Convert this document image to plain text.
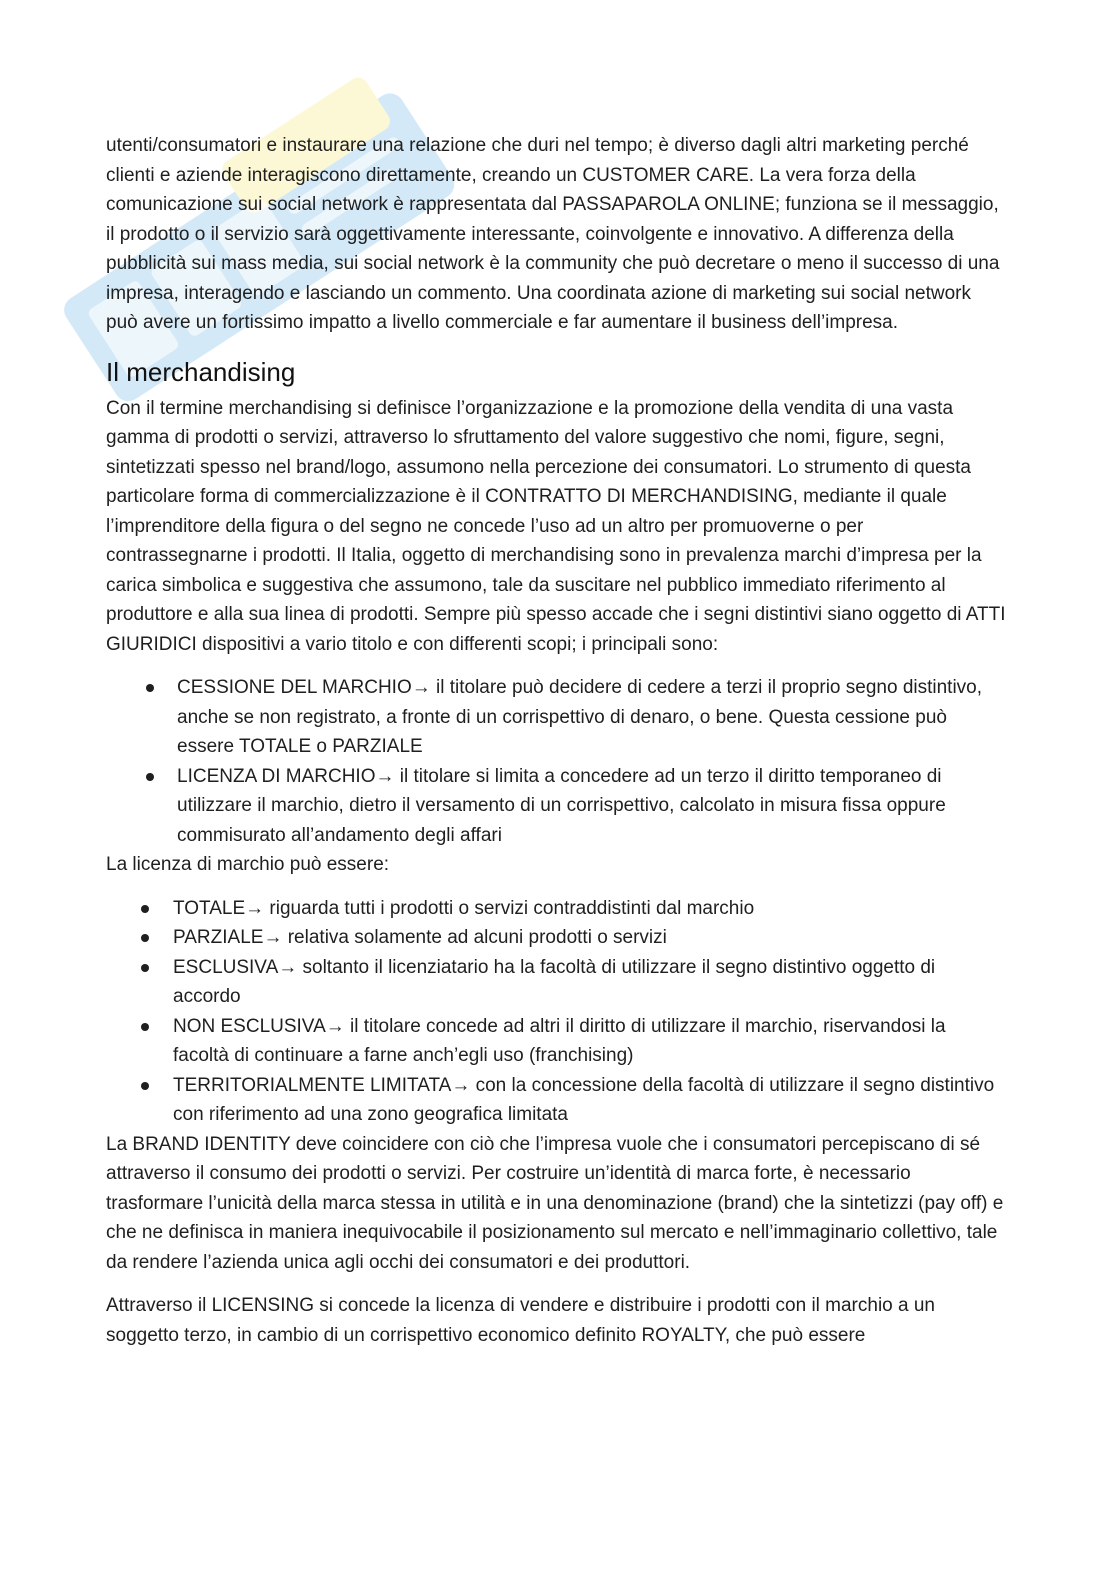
utenti/consumatori e instaurare una relazione che duri nel tempo; è diverso dagli altri marketing perché clienti e aziende interagiscono direttamente, creando un CUSTOMER CARE. La vera forza della comunicazione sui social network è rappresentata dal PASSAPAROLA ONLINE; funziona se il messaggio, il prodotto o il servizio sarà oggettivamente interessante, coinvolgente e innovativo. A differenza della pubblicità sui mass media, sui social network è la community che può decretare o meno il successo di una impresa, interagendo e lasciando un commento. Una coordinata azione di marketing sui social network può avere un fortissimo impatto a livello commerciale e far aumentare il business dell’impresa.

Il merchandising

Con il termine merchandising si definisce l’organizzazione e la promozione della vendita di una vasta gamma di prodotti o servizi, attraverso lo sfruttamento del valore suggestivo che nomi, figure, segni, sintetizzati spesso nel brand/logo, assumono nella percezione dei consumatori. Lo strumento di questa particolare forma di commercializzazione è il CONTRATTO DI MERCHANDISING, mediante il quale l’imprenditore della figura o del segno ne concede l’uso ad un altro per promuoverne o per contrassegnarne i prodotti. Il Italia, oggetto di merchandising sono in prevalenza marchi d’impresa per la carica simbolica e suggestiva che assumono, tale da suscitare nel pubblico immediato riferimento al produttore e alla sua linea di prodotti. Sempre più spesso accade che i segni distintivi siano oggetto di ATTI GIURIDICI dispositivi a vario titolo e con differenti scopi; i principali sono:

CESSIONE DEL MARCHIO→ il titolare può decidere di cedere a terzi il proprio segno distintivo, anche se non registrato, a fronte di un corrispettivo di denaro, o bene. Questa cessione può essere TOTALE o PARZIALE
LICENZA DI MARCHIO→ il titolare si limita a concedere ad un terzo il diritto temporaneo di utilizzare il marchio, dietro il versamento di un corrispettivo, calcolato in misura fissa oppure commisurato all’andamento degli affari

La licenza di marchio può essere:

TOTALE→ riguarda tutti i prodotti o servizi contraddistinti dal marchio
PARZIALE→ relativa solamente ad alcuni prodotti o servizi
ESCLUSIVA→ soltanto il licenziatario ha la facoltà di utilizzare il segno distintivo oggetto di accordo
NON ESCLUSIVA→ il titolare concede ad altri il diritto di utilizzare il marchio, riservandosi la facoltà di continuare a farne anch’egli uso (franchising)
TERRITORIALMENTE LIMITATA→ con la concessione della facoltà di utilizzare il segno distintivo con riferimento ad una zono geografica limitata

La BRAND IDENTITY deve coincidere con ciò che l’impresa vuole che i consumatori percepiscano di sé attraverso il consumo dei prodotti o servizi. Per costruire un’identità di marca forte, è necessario trasformare l’unicità della marca stessa in utilità e in una denominazione (brand) che la sintetizzi (pay off) e che ne definisca in maniera inequivocabile il posizionamento sul mercato e nell’immaginario collettivo, tale da rendere l’azienda unica agli occhi dei consumatori e dei produttori.

Attraverso il LICENSING si concede la licenza di vendere e distribuire i prodotti con il marchio a un soggetto terzo, in cambio di un corrispettivo economico definito ROYALTY, che può essere
